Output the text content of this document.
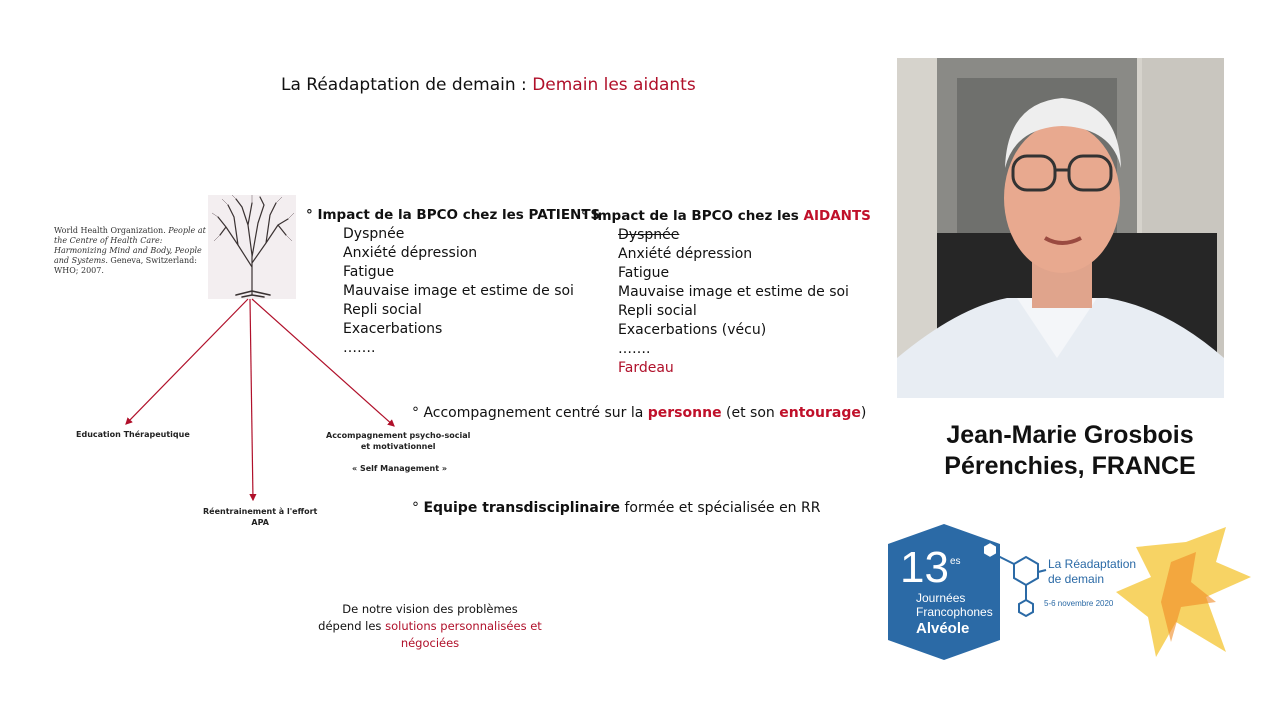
La Réadaptation de demain : Demain les aidants
World Health Organization. People at the Centre of Health Care: Harmonizing Mind and Body, People and Systems. Geneva, Switzerland: WHO; 2007.
° Impact de la BPCO chez les PATIENTS
Dyspnée
Anxiété dépression
Fatigue
Mauvaise image et estime de soi
Repli social
Exacerbations
…….
° Impact de la BPCO chez les AIDANTS
Dyspnée
Anxiété dépression
Fatigue
Mauvaise image et estime de soi
Repli social
Exacerbations (vécu)
…….
Fardeau
° Accompagnement centré sur la personne (et son entourage)
° Equipe transdisciplinaire formée et spécialisée en RR
Education Thérapeutique	Accompagnement psycho-social
et motivationnel
« Self Management »
Réentrainement à l'effort
APA
De notre vision des problèmes
dépend les solutions personnalisées et négociées
Jean-Marie Grosbois
Pérenchies, FRANCE
13 es
Journées
Francophones
Alvéole
La Réadaptation
de demain
5-6 novembre 2020
